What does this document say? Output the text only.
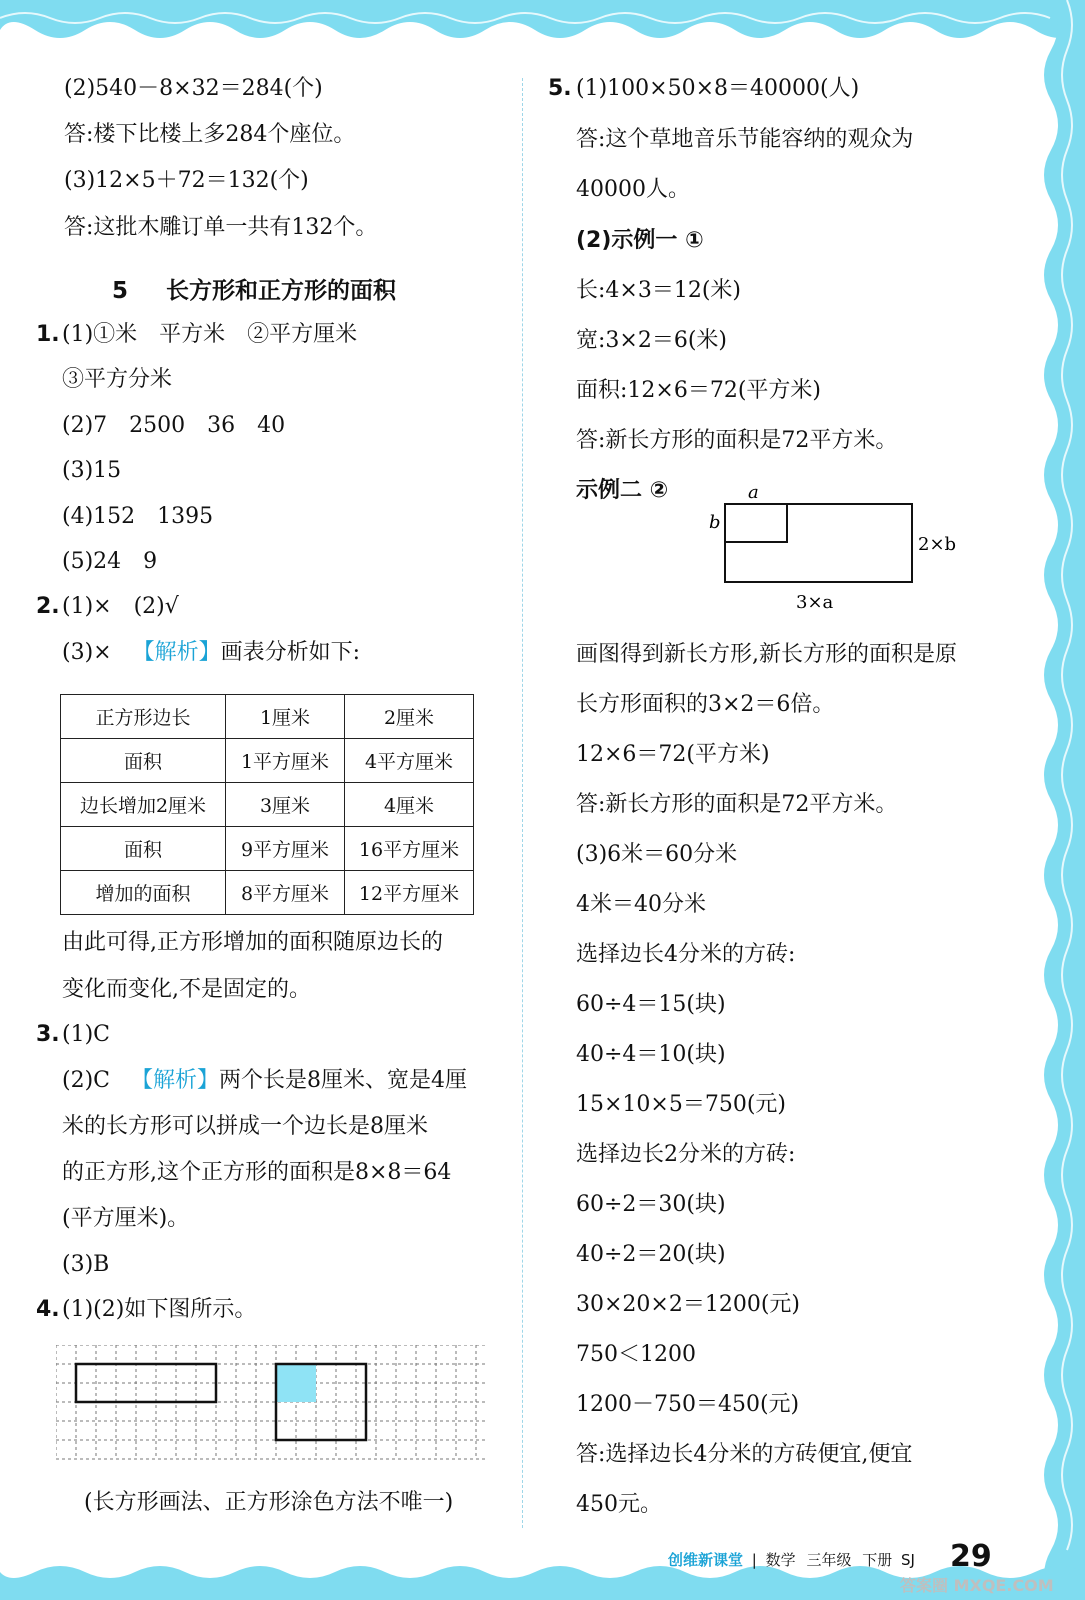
(2)540－8×32＝284(个)
答:楼下比楼上多284个座位。
(3)12×5＋72＝132(个)
答:这批木雕订单一共有132个。
5 长方形和正方形的面积
1. (1)①米　平方米　②平方厘米
③平方分米
(2)7　2500　36　40
(3)15
(4)152　1395
(5)24　9
2. (1)×　(2)√
(3)× 【解析】画表分析如下:
正方形边长	1厘米	2厘米
面积	1平方厘米	4平方厘米
边长增加2厘米	3厘米	4厘米
面积	9平方厘米	16平方厘米
增加的面积	8平方厘米	12平方厘米
由此可得,正方形增加的面积随原边长的
变化而变化,不是固定的。
3. (1)C
(2)C 【解析】两个长是8厘米、宽是4厘
米的长方形可以拼成一个边长是8厘米
的正方形,这个正方形的面积是8×8＝64
(平方厘米)。
(3)B
4. (1)(2)如下图所示。
(长方形画法、正方形涂色方法不唯一)
5. (1)100×50×8＝40000(人)
答:这个草地音乐节能容纳的观众为
40000人。
(2)示例一 ①
长:4×3＝12(米)
宽:3×2＝6(米)
面积:12×6＝72(平方米)
答:新长方形的面积是72平方米。
示例二 ②	a
b
2×b
3×a
画图得到新长方形,新长方形的面积是原
长方形面积的3×2＝6倍。
12×6＝72(平方米)
答:新长方形的面积是72平方米。
(3)6米＝60分米
4米＝40分米
选择边长4分米的方砖:
60÷4＝15(块)
40÷4＝10(块)
15×10×5＝750(元)
选择边长2分米的方砖:
60÷2＝30(块)
40÷2＝20(块)
30×20×2＝1200(元)
750＜1200
1200－750＝450(元)
答:选择边长4分米的方砖便宜,便宜
450元。
创维新课堂 | 数学 三年级 下册 SJ 29
答案圈 MXQE.COM
